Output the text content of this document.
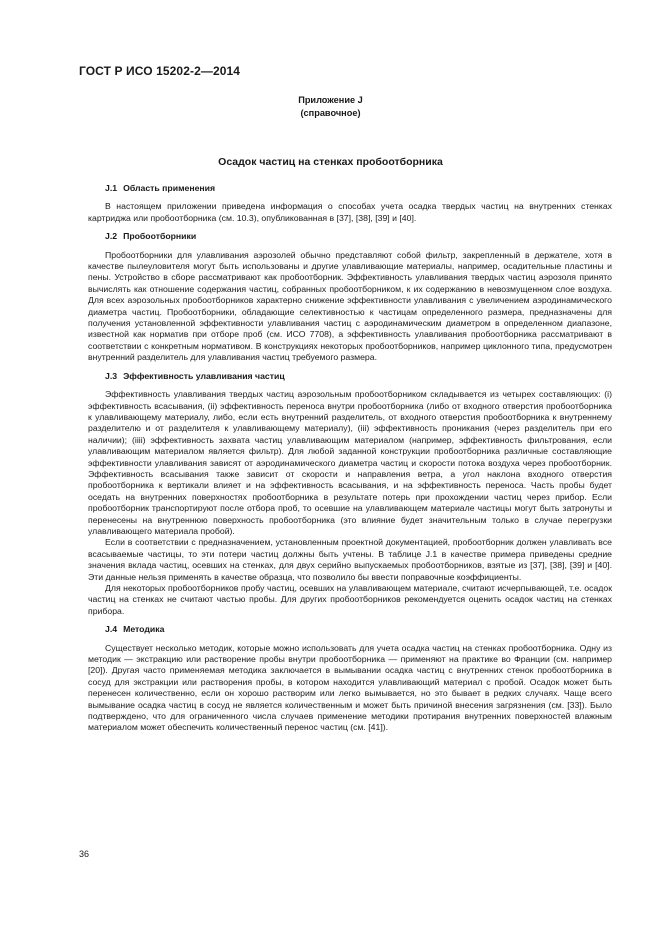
ГОСТ Р ИСО 15202-2—2014
Приложение J
(справочное)
Осадок частиц на стенках пробоотборника
J.1 Область применения

В настоящем приложении приведена информация о способах учета осадка твердых частиц на внутренних стенках картриджа или пробоотборника (см. 10.3), опубликованная в [37], [38], [39] и [40].

J.2 Пробоотборники

Пробоотборники для улавливания аэрозолей обычно представляют собой фильтр, закрепленный в держателе, хотя в качестве пылеуловителя могут быть использованы и другие улавливающие материалы, например, осадительные пластины и пены. Устройство в сборе рассматривают как пробоотборник. Эффективность улавливания твердых частиц аэрозоля принято вычислять как отношение содержания частиц, собранных пробоотборником, к их содержанию в невозмущенном слое воздуха. Для всех аэрозольных пробоотборников характерно снижение эффективности улавливания с увеличением аэродинамического диаметра частиц. Пробоотборники, обладающие селективностью к частицам определенного размера, предназначены для получения установленной эффективности улавливания частиц с аэродинамическим диаметром в определенном диапазоне, известной как норматив при отборе проб (см. ИСО 7708), а эффективность улавливания пробоотборника рассматривают в соответствии с конкретным нормативом. В конструкциях некоторых пробоотборников, например циклонного типа, предусмотрен внутренний разделитель для улавливания частиц требуемого размера.

J.3 Эффективность улавливания частиц

Эффективность улавливания твердых частиц аэрозольным пробоотборником складывается из четырех составляющих: (i) эффективность всасывания, (ii) эффективность переноса внутри пробоотборника (либо от входного отверстия пробоотборника к улавливающему материалу, либо, если есть внутренний разделитель, от входного отверстия пробоотборника к внутреннему разделителю и от разделителя к улавливающему материалу), (iii) эффективность проникания (через разделитель при его наличии); (iiii) эффективность захвата частиц улавливающим материалом (например, эффективность фильтрования, если улавливающим материалом является фильтр). Для любой заданной конструкции пробоотборника различные составляющие эффективности улавливания зависят от аэродинамического диаметра частиц и скорости потока воздуха через пробоотборник. Эффективность всасывания также зависит от скорости и направления ветра, а угол наклона входного отверстия пробоотборника к вертикали влияет и на эффективность всасывания, и на эффективность переноса. Часть пробы будет оседать на внутренних поверхностях пробоотборника в результате потерь при прохождении частиц через прибор. Если пробоотборник транспортируют после отбора проб, то осевшие на улавливающем материале частицы могут быть затронуты и перенесены на внутреннюю поверхность пробоотборника (это влияние будет значительным только в случае перегрузки улавливающего материала пробой).

Если в соответствии с предназначением, установленным проектной документацией, пробоотборник должен улавливать все всасываемые частицы, то эти потери частиц должны быть учтены. В таблице J.1 в качестве примера приведены средние значения вклада частиц, осевших на стенках, для двух серийно выпускаемых пробоотборников, взятые из [37], [38], [39] и [40]. Эти данные нельзя применять в качестве образца, что позволило бы ввести поправочные коэффициенты.

Для некоторых пробоотборников пробу частиц, осевших на улавливающем материале, считают исчерпывающей, т.е. осадок частиц на стенках не считают частью пробы. Для других пробоотборников рекомендуется оценить осадок частиц на стенках прибора.

J.4 Методика

Существует несколько методик, которые можно использовать для учета осадка частиц на стенках пробоотборника. Одну из методик — экстракцию или растворение пробы внутри пробоотборника — применяют на практике во Франции (см. например [20]). Другая часто применяемая методика заключается в вымывании осадка частиц с внутренних стенок пробоотборника в сосуд для экстракции или растворения пробы, в котором находится улавливающий материал с пробой. Осадок может быть перенесен количественно, если он хорошо растворим или легко вымывается, но это бывает в редких случаях. Чаще всего вымывание осадка частиц в сосуд не является количественным и может быть причиной внесения загрязнения (см. [33]). Было подтверждено, что для ограниченного числа случаев применение методики протирания внутренних поверхностей влажным материалом может обеспечить количественный перенос частиц (см. [41]).

36
